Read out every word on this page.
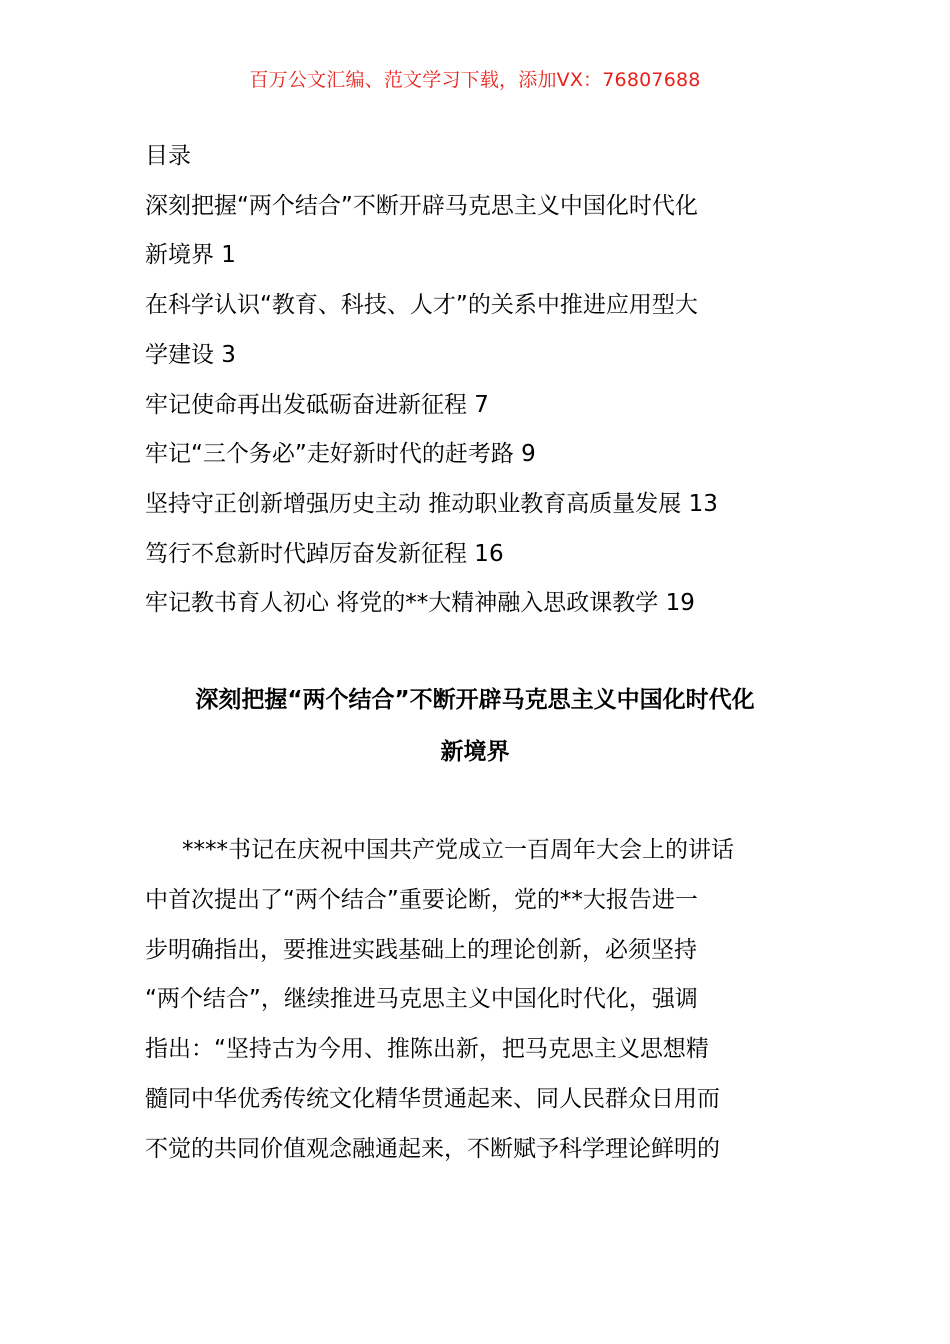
百万公文汇编、范文学习下载，添加VX：76807688
目录
深刻把握“两个结合”不断开辟马克思主义中国化时代化
新境界 1
在科学认识“教育、科技、人才”的关系中推进应用型大
学建设 3
牢记使命再出发砥砺奋进新征程 7
牢记“三个务必”走好新时代的赶考路 9
坚持守正创新增强历史主动 推动职业教育高质量发展 13
笃行不怠新时代踔厉奋发新征程 16
牢记教书育人初心 将党的**大精神融入思政课教学 19
深刻把握“两个结合”不断开辟马克思主义中国化时代化
新境界
****书记在庆祝中国共产党成立一百周年大会上的讲话
中首次提出了“两个结合”重要论断，党的**大报告进一
步明确指出，要推进实践基础上的理论创新，必须坚持
“两个结合”，继续推进马克思主义中国化时代化，强调
指出：“坚持古为今用、推陈出新，把马克思主义思想精
髓同中华优秀传统文化精华贯通起来、同人民群众日用而
不觉的共同价值观念融通起来，不断赋予科学理论鲜明的
